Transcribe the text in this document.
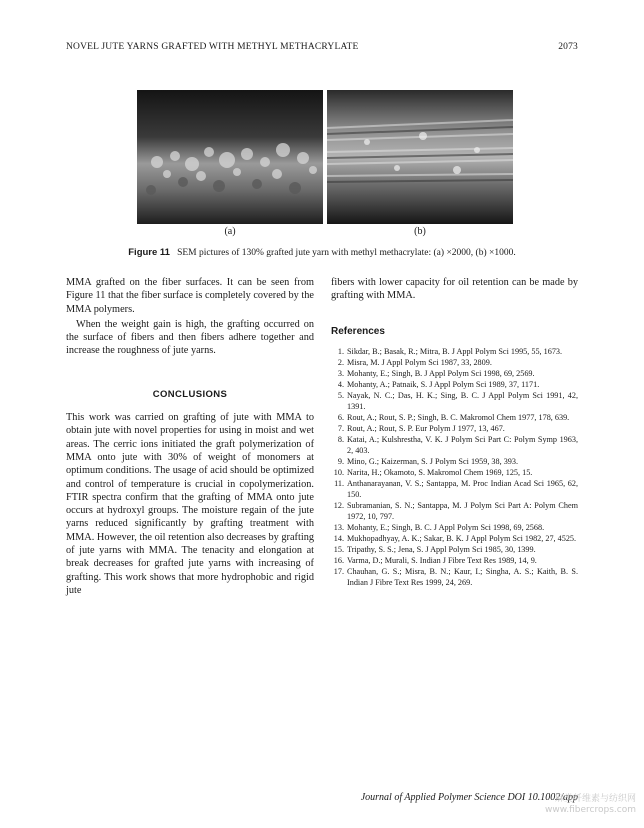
NOVEL JUTE YARNS GRAFTED WITH METHYL METHACRYLATE	2073
(a)	(b)
Figure 11 SEM pictures of 130% grafted jute yarn with methyl methacrylate: (a) ×2000, (b) ×1000.

MMA grafted on the fiber surfaces. It can be seen from Figure 11 that the fiber surface is completely covered by the MMA polymers.

When the weight gain is high, the grafting occurred on the surface of fibers and then fibers adhere together and increase the roughness of jute yarns.

CONCLUSIONS

This work was carried on grafting of jute with MMA to obtain jute with novel properties for using in moist and wet areas. The cerric ions initiated the graft polymerization of MMA onto jute with 30% of weight of monomers at optimum conditions. The usage of acid should be optimized and control of temperature is crucial in copolymerization. FTIR spectra confirm that the grafting of MMA onto jute occurs at hydroxyl groups. The moisture regain of the jute yarns reduced significantly by grafting treatment with MMA. However, the oil retention also decreases by grafting of jute yarns with MMA. The tenacity and elongation at break decreases for grafted jute yarns with increasing of grafting. This work shows that more hydrophobic and rigid jute

fibers with lower capacity for oil retention can be made by grafting with MMA.

References
1. Sikdar, B.; Basak, R.; Mitra, B. J Appl Polym Sci 1995, 55, 1673.
2. Misra, M. J Appl Polym Sci 1987, 33, 2809.
3. Mohanty, E.; Singh, B. J Appl Polym Sci 1998, 69, 2569.
4. Mohanty, A.; Patnaik, S. J Appl Polym Sci 1989, 37, 1171.
5. Nayak, N. C.; Das, H. K.; Sing, B. C. J Appl Polym Sci 1991, 42, 1391.
6. Rout, A.; Rout, S. P.; Singh, B. C. Makromol Chem 1977, 178, 639.
7. Rout, A.; Rout, S. P. Eur Polym J 1977, 13, 467.
8. Katai, A.; Kulshrestha, V. K. J Polym Sci Part C: Polym Symp 1963, 2, 403.
9. Mino, G.; Kaizerman, S. J Polym Sci 1959, 38, 393.
10. Narita, H.; Okamoto, S. Makromol Chem 1969, 125, 15.
11. Anthanarayanan, V. S.; Santappa, M. Proc Indian Acad Sci 1965, 62, 150.
12. Subramanian, S. N.; Santappa, M. J Polym Sci Part A: Polym Chem 1972, 10, 797.
13. Mohanty, E.; Singh, B. C. J Appl Polym Sci 1998, 69, 2568.
14. Mukhopadhyay, A. K.; Sakar, B. K. J Appl Polym Sci 1982, 27, 4525.
15. Tripathy, S. S.; Jena, S. J Appl Polym Sci 1985, 30, 1399.
16. Varma, D.; Murali, S. Indian J Fibre Text Res 1989, 14, 9.
17. Chauhan, G. S.; Misra, B. N.; Kaur, I.; Singha, A. S.; Kaith, B. S. Indian J Fibre Text Res 1999, 24, 269.
Journal of Applied Polymer Science DOI 10.1002/app
麻类纤维素与纺织网
www.fibercrops.com
